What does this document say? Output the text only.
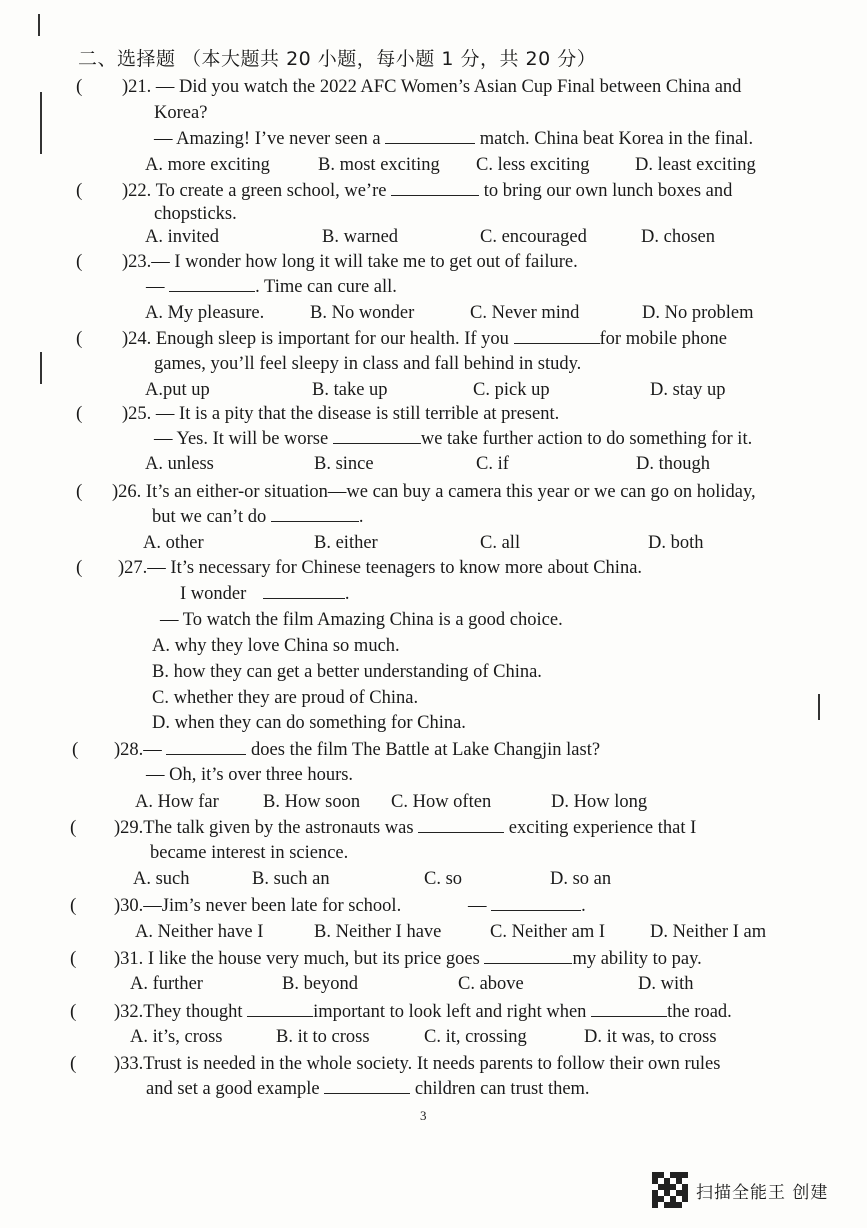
二、选择题 （本大题共 20 小题，每小题 1 分，共 20 分）
( )21. — Did you watch the 2022 AFC Women’s Asian Cup Final between China and
Korea?
— Amazing! I’ve never seen a	match. China beat Korea in the final.
A. more exciting	B. most exciting C. less exciting D. least exciting
( )22. To create a green school, we’re	to bring our own lunch boxes and
chopsticks.
A. invited	B. warned	C. encouraged	D. chosen
( )23.— I wonder how long it will take me to get out of failure.
—	. Time can cure all.
A. My pleasure. B. No wonder	C. Never mind	D. No problem
( )24. Enough sleep is important for our health. If you	for mobile phone
games, you’ll feel sleepy in class and fall behind in study.
A.put up	B. take up	C. pick up	D. stay up
( )25. — It is a pity that the disease is still terrible at present.
— Yes. It will be worse	we take further action to do something for it.
A. unless	B. since	C. if	D. though
( )26. It’s an either-or situation—we can buy a camera this year or we can go on holiday,
but we can’t do	.
A. other	B. either	C. all	D. both
( )27.— It’s necessary for Chinese teenagers to know more about China.
I wonder	.
— To watch the film Amazing China is a good choice.
A. why they love China so much.
B. how they can get a better understanding of China.
C. whether they are proud of China.
D. when they can do something for China.
( )28.—	does the film The Battle at Lake Changjin last?
— Oh, it’s over three hours.
A. How far B. How soon C. How often	D. How long
( )29.The talk given by the astronauts was	exciting experience that I
became interest in science.
A. such	B. such an	C. so	D. so an
( )30.—Jim’s never been late for school.	—	.
A. Neither have I	B. Neither I have	C. Neither am I D. Neither I am
( )31. I like the house very much, but its price goes	my ability to pay.
A. further	B. beyond	C. above	D. with
( )32.They thought	important to look left and right when	the road.
A. it’s, cross	B. it to cross	C. it, crossing	D. it was, to cross
( )33.Trust is needed in the whole society. It needs parents to follow their own rules
and set a good example	children can trust them.
3
扫描全能王 创建
